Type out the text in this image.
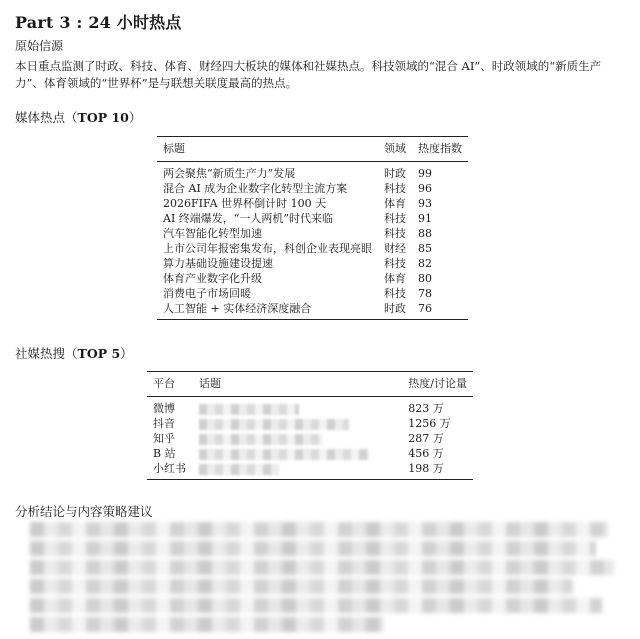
Part 3 : 24 小时热点
原始信源
本日重点监测了时政、科技、体育、财经四大板块的媒体和社媒热点。科技领域的“混合 AI”、时政领域的“新质生产力”、体育领域的“世界杯”是与联想关联度最高的热点。
媒体热点（TOP 10）
标题	领域	热度指数
两会聚焦“新质生产力”发展	时政	99
混合 AI 成为企业数字化转型主流方案	科技	96
2026FIFA 世界杯倒计时 100 天	体育	93
AI 终端爆发，“一人两机”时代来临	科技	91
汽车智能化转型加速	科技	88
上市公司年报密集发布，科创企业表现亮眼	财经	85
算力基础设施建设提速	科技	82
体育产业数字化升级	体育	80
消费电子市场回暖	科技	78
人工智能 + 实体经济深度融合	时政	76
社媒热搜（TOP 5）
平台	话题	热度/讨论量
微博		823 万
抖音		1256 万
知乎		287 万
B 站		456 万
小红书		198 万
分析结论与内容策略建议
